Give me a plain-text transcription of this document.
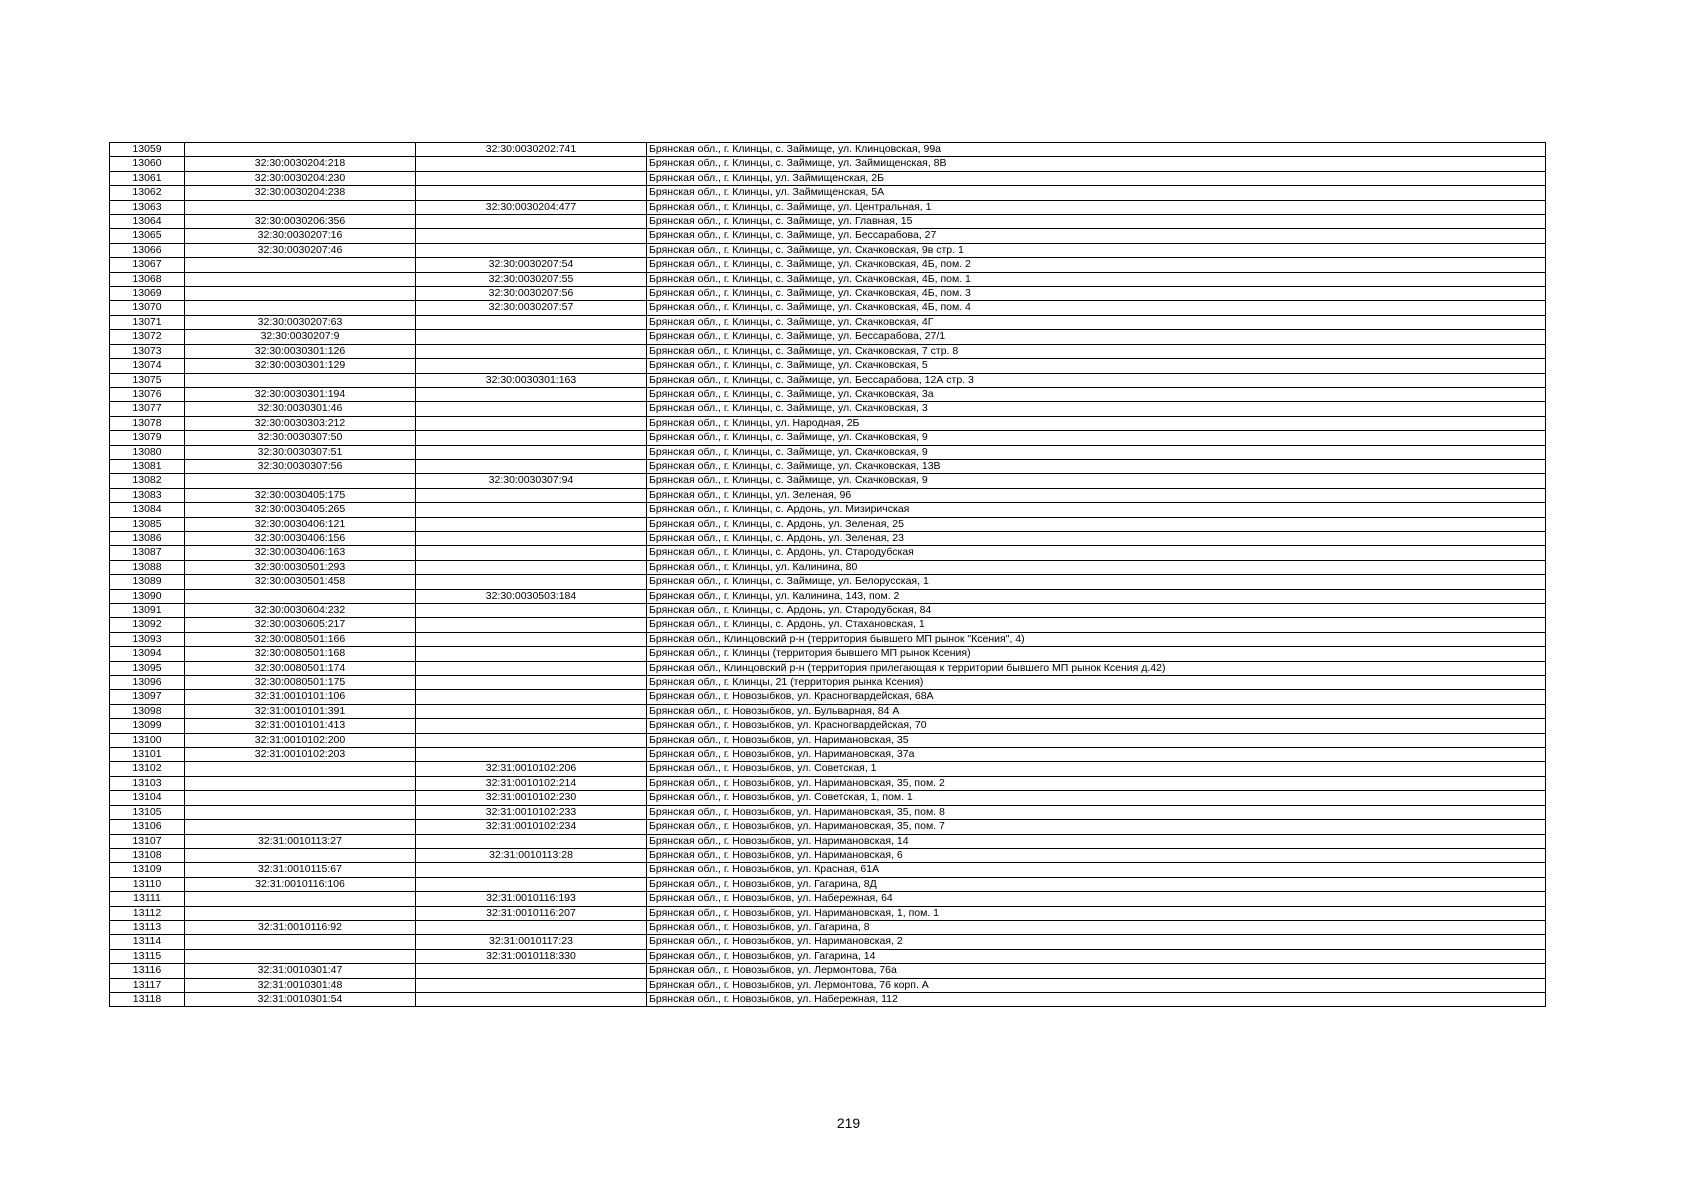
13059		32:30:0030202:741	Брянская обл., г. Клинцы, с. Займище, ул. Клинцовская, 99а
13060	32:30:0030204:218		Брянская обл., г. Клинцы, с. Займище, ул. Займищенская, 8В
13061	32:30:0030204:230		Брянская обл., г. Клинцы, ул. Займищенская, 2Б
13062	32:30:0030204:238		Брянская обл., г. Клинцы, ул. Займищенская, 5А
13063		32:30:0030204:477	Брянская обл., г. Клинцы, с. Займище, ул. Центральная, 1
13064	32:30:0030206:356		Брянская обл., г. Клинцы, с. Займище, ул. Главная, 15
13065	32:30:0030207:16		Брянская обл., г. Клинцы, с. Займище, ул. Бессарабова, 27
13066	32:30:0030207:46		Брянская обл., г. Клинцы, с. Займище, ул. Скачковская, 9в стр. 1
13067		32:30:0030207:54	Брянская обл., г. Клинцы, с. Займище, ул. Скачковская, 4Б, пом. 2
13068		32:30:0030207:55	Брянская обл., г. Клинцы, с. Займище, ул. Скачковская, 4Б, пом. 1
13069		32:30:0030207:56	Брянская обл., г. Клинцы, с. Займище, ул. Скачковская, 4Б, пом. 3
13070		32:30:0030207:57	Брянская обл., г. Клинцы, с. Займище, ул. Скачковская, 4Б, пом. 4
13071	32:30:0030207:63		Брянская обл., г. Клинцы, с. Займище, ул. Скачковская, 4Г
13072	32:30:0030207:9		Брянская обл., г. Клинцы, с. Займище, ул. Бессарабова, 27/1
13073	32:30:0030301:126		Брянская обл., г. Клинцы, с. Займище, ул. Скачковская, 7 стр. 8
13074	32:30:0030301:129		Брянская обл., г. Клинцы, с. Займище, ул. Скачковская, 5
13075		32:30:0030301:163	Брянская обл., г. Клинцы, с. Займище, ул. Бессарабова, 12А стр. 3
13076	32:30:0030301:194		Брянская обл., г. Клинцы, с. Займище, ул. Скачковская, 3а
13077	32:30:0030301:46		Брянская обл., г. Клинцы, с. Займище, ул. Скачковская, 3
13078	32:30:0030303:212		Брянская обл., г. Клинцы, ул. Народная, 2Б
13079	32:30:0030307:50		Брянская обл., г. Клинцы, с. Займище, ул. Скачковская, 9
13080	32:30:0030307:51		Брянская обл., г. Клинцы, с. Займище, ул. Скачковская, 9
13081	32:30:0030307:56		Брянская обл., г. Клинцы, с. Займище, ул. Скачковская, 13В
13082		32:30:0030307:94	Брянская обл., г. Клинцы, с. Займище, ул. Скачковская, 9
13083	32:30:0030405:175		Брянская обл., г. Клинцы, ул. Зеленая, 96
13084	32:30:0030405:265		Брянская обл., г. Клинцы, с. Ардонь, ул. Мизиричская
13085	32:30:0030406:121		Брянская обл., г. Клинцы, с. Ардонь, ул. Зеленая, 25
13086	32:30:0030406:156		Брянская обл., г. Клинцы, с. Ардонь, ул. Зеленая, 23
13087	32:30:0030406:163		Брянская обл., г. Клинцы, с. Ардонь, ул. Стародубская
13088	32:30:0030501:293		Брянская обл., г. Клинцы, ул. Калинина, 80
13089	32:30:0030501:458		Брянская обл., г. Клинцы, с. Займище, ул. Белорусская, 1
13090		32:30:0030503:184	Брянская обл., г. Клинцы, ул. Калинина, 143, пом. 2
13091	32:30:0030604:232		Брянская обл., г. Клинцы, с. Ардонь, ул. Стародубская, 84
13092	32:30:0030605:217		Брянская обл., г. Клинцы, с. Ардонь, ул. Стахановская, 1
13093	32:30:0080501:166		Брянская обл., Клинцовский р-н (территория бывшего МП рынок "Ксения", 4)
13094	32:30:0080501:168		Брянская обл., г. Клинцы (территория бывшего МП рынок Ксения)
13095	32:30:0080501:174		Брянская обл., Клинцовский р-н (территория прилегающая к территории бывшего МП рынок Ксения д.42)
13096	32:30:0080501:175		Брянская обл., г. Клинцы, 21 (территория рынка Ксения)
13097	32:31:0010101:106		Брянская обл., г. Новозыбков, ул. Красногвардейская, 68А
13098	32:31:0010101:391		Брянская обл., г. Новозыбков, ул. Бульварная, 84 А
13099	32:31:0010101:413		Брянская обл., г. Новозыбков, ул. Красногвардейская, 70
13100	32:31:0010102:200		Брянская обл., г. Новозыбков, ул. Наримановская, 35
13101	32:31:0010102:203		Брянская обл., г. Новозыбков, ул. Наримановская, 37а
13102		32:31:0010102:206	Брянская обл., г. Новозыбков, ул. Советская, 1
13103		32:31:0010102:214	Брянская обл., г. Новозыбков, ул. Наримановская, 35, пом. 2
13104		32:31:0010102:230	Брянская обл., г. Новозыбков, ул. Советская, 1, пом. 1
13105		32:31:0010102:233	Брянская обл., г. Новозыбков, ул. Наримановская, 35, пом. 8
13106		32:31:0010102:234	Брянская обл., г. Новозыбков, ул. Наримановская, 35, пом. 7
13107	32:31:0010113:27		Брянская обл., г. Новозыбков, ул. Наримановская, 14
13108		32:31:0010113:28	Брянская обл., г. Новозыбков, ул. Наримановская, 6
13109	32:31:0010115:67		Брянская обл., г. Новозыбков, ул. Красная, 61А
13110	32:31:0010116:106		Брянская обл., г. Новозыбков, ул. Гагарина, 8Д
13111		32:31:0010116:193	Брянская обл., г. Новозыбков, ул. Набережная, 64
13112		32:31:0010116:207	Брянская обл., г. Новозыбков, ул. Наримановская, 1, пом. 1
13113	32:31:0010116:92		Брянская обл., г. Новозыбков, ул. Гагарина, 8
13114		32:31:0010117:23	Брянская обл., г. Новозыбков, ул. Наримановская, 2
13115		32:31:0010118:330	Брянская обл., г. Новозыбков, ул. Гагарина, 14
13116	32:31:0010301:47		Брянская обл., г. Новозыбков, ул. Лермонтова, 76а
13117	32:31:0010301:48		Брянская обл., г. Новозыбков, ул. Лермонтова, 76 корп. А
13118	32:31:0010301:54		Брянская обл., г. Новозыбков, ул. Набережная, 112
219
